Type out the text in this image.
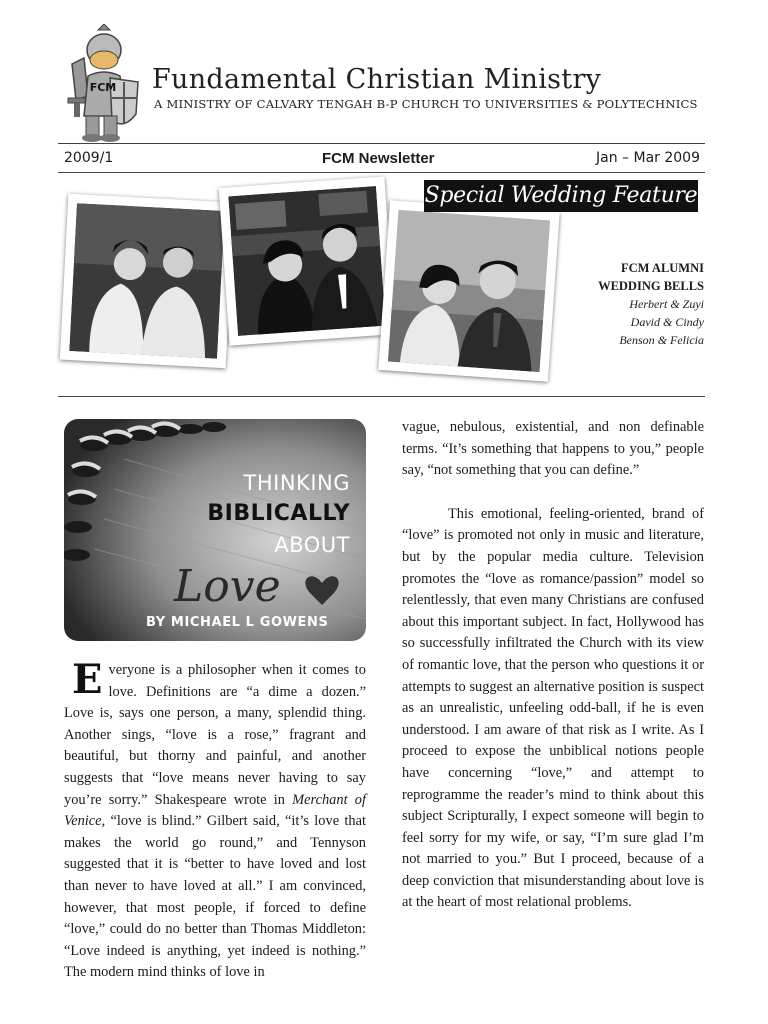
FCM Fundamental Christian Ministry
A MINISTRY OF CALVARY TENGAH B-P CHURCH TO UNIVERSITIES & POLYTECHNICS
2009/1	FCM Newsletter	Jan – Mar 2009
Special Wedding Feature
FCM ALUMNI
WEDDING BELLS
Herbert & Zuyi
David & Cindy
Benson & Felicia
THINKING
BIBLICALLY
ABOUT
Love
BY MICHAEL L GOWENS

Everyone is a philosopher when it comes to love. Definitions are “a dime a dozen.” Love is, says one person, a many, splendid thing. Another sings, “love is a rose,” fragrant and beautiful, but thorny and painful, and another suggests that “love means never having to say you’re sorry.” Shakespeare wrote in Merchant of Venice, “love is blind.” Gilbert said, “it’s love that makes the world go round,” and Tennyson suggested that it is “better to have loved and lost than never to have loved at all.” I am convinced, however, that most people, if forced to define “love,” could do no better than Thomas Middleton: “Love indeed is anything, yet indeed is nothing.” The modern mind thinks of love in

vague, nebulous, existential, and non definable terms. “It’s something that happens to you,” people say, “not something that you can define.”

This emotional, feeling-oriented, brand of “love” is promoted not only in music and literature, but by the popular media culture. Television promotes the “love as romance/passion” model so relentlessly, that even many Christians are confused about this important subject. In fact, Hollywood has so successfully infiltrated the Church with its view of romantic love, that the person who questions it or attempts to suggest an alternative position is suspect as an unrealistic, unfeeling odd-ball, if he is even understood. I am aware of that risk as I write. As I proceed to expose the unbiblical notions people have concerning “love,” and attempt to reprogramme the reader’s mind to think about this subject Scripturally, I expect someone will begin to feel sorry for my wife, or say, “I’m sure glad I’m not married to you.” But I proceed, because of a deep conviction that misunderstanding about love is at the heart of most relational problems.
